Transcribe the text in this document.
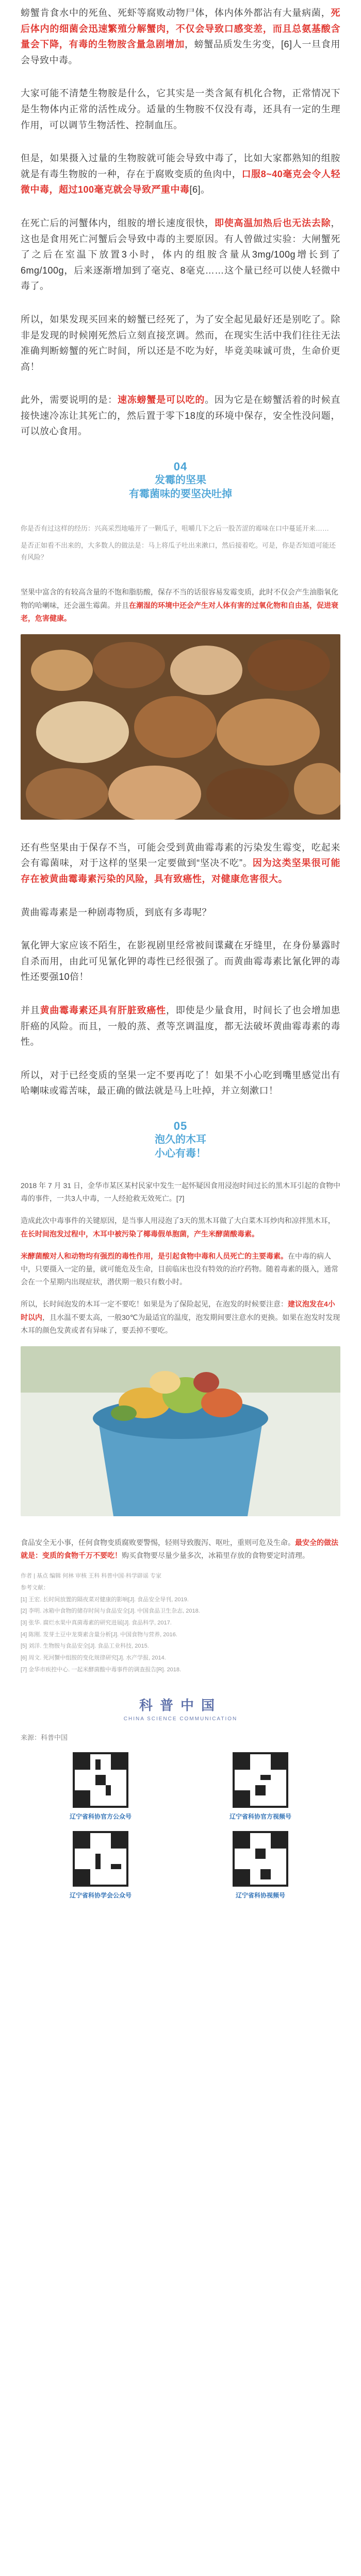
螃蟹肯食水中的死鱼、死虾等腐败动物尸体，体内体外都沾有大量病菌，死后体内的细菌会迅速繁殖分解蟹肉，不仅会导致口感变差，而且总氨基酸含量会下降，有毒的生物胺含量急剧增加，螃蟹品质发生劣变，[6]人一旦食用会导致中毒。

大家可能不清楚生物胺是什么，它其实是一类含氮有机化合物，正常情况下是生物体内正常的活性成分。适量的生物胺不仅没有毒，还具有一定的生理作用，可以调节生物活性、控制血压。

但是，如果摄入过量的生物胺就可能会导致中毒了，比如大家都熟知的组胺就是有毒生物胺的一种，存在于腐败变质的鱼肉中，口服8~40毫克会令人轻微中毒，超过100毫克就会导致严重中毒[6]。

在死亡后的河蟹体内，组胺的增长速度很快，即使高温加热后也无法去除，这也是食用死亡河蟹后会导致中毒的主要原因。有人曾做过实验：大闸蟹死了之后在室温下放置3小时，体内的组胺含量从3mg/100g增长到了6mg/100g，后来逐渐增加到了毫克、8毫克……这个量已经可以使人轻微中毒了。

所以，如果发现买回来的螃蟹已经死了，为了安全起见最好还是别吃了。除非是发现的时候刚死然后立刻直接烹调。然而，在现实生活中我们往往无法准确判断螃蟹的死亡时间，所以还是不吃为好，毕竟美味诚可贵，生命价更高！

此外，需要说明的是：速冻螃蟹是可以吃的。因为它是在螃蟹活着的时候直接快速冷冻让其死亡的，然后置于零下18度的环境中保存，安全性没问题，可以放心食用。

04
发霉的坚果
有霉菌味的要坚决吐掉

你是否有过这样的经历：兴高采烈地嗑开了一颗瓜子，咀嚼几下之后一股苦涩的霉味在口中蔓延开来……

是否正如看不出来的，大多数人的做法是：马上将瓜子吐出来漱口，然后接着吃。可是，你是否知道可能还有风险？

坚果中富含的有较高含量的不饱和脂肪酸，保存不当的话很容易发霉变质，此时不仅会产生油脂氧化物的哈喇味，还会滋生霉菌。并且在潮湿的环境中还会产生对人体有害的过氧化物和自由基，促进衰老，危害健康。

还有些坚果由于保存不当，可能会受到黄曲霉毒素的污染发生霉变，吃起来会有霉菌味，对于这样的坚果一定要做到“坚决不吃”。因为这类坚果很可能存在被黄曲霉毒素污染的风险，具有致癌性，对健康危害很大。

黄曲霉毒素是一种剧毒物质，到底有多毒呢？

氰化钾大家应该不陌生，在影视剧里经常被间谍藏在牙缝里，在身份暴露时自杀而用，由此可见氰化钾的毒性已经很强了。而黄曲霉毒素比氰化钾的毒性还要强10倍！

并且黄曲霉毒素还具有肝脏致癌性，即使是少量食用，时间长了也会增加患肝癌的风险。而且，一般的蒸、煮等烹调温度，都无法破坏黄曲霉毒素的毒性。

所以，对于已经变质的坚果一定不要再吃了！如果不小心吃到嘴里感觉出有哈喇味或霉苦味，最正确的做法就是马上吐掉，并立刻漱口！

05
泡久的木耳
小心有毒！

2018 年 7 月 31 日，金华市某区某村民家中发生一起怀疑因食用浸泡时间过长的黑木耳引起的食物中毒的事件，一共3人中毒，一人经抢救无效死亡。[7]

造成此次中毒事件的关键原因，是当事人用浸泡了3天的黑木耳做了大白菜木耳炒肉和凉拌黑木耳，在长时间泡发过程中，木耳中被污染了椰毒假单胞菌，产生米酵菌酸毒素。

米酵菌酸对人和动物均有强烈的毒性作用，是引起食物中毒和人员死亡的主要毒素。在中毒的病人中，只要摄入一定的量，就可能危及生命，目前临床也没有特效的治疗药物。随着毒素的摄入，通常会在一个星期内出现症状，潜伏期一般只有数小时。

所以，长时间泡发的木耳一定不要吃！如果是为了保险起见，在泡发的时候要注意：建议泡发在4小时以内，且水温不要太高，一般30℃为最适宜的温度，泡发期间要注意水的更换。如果在泡发时发现木耳的颜色发黄或者有异味了，要丢掉不要吃。

食品安全无小事，任何食物变质腐败要警惕，轻则导致腹泻、呕吐，重则可危及生命。最安全的做法就是：变质的食物千万不要吃！购买食物要尽量少量多次，冰箱里存放的食物要定时清理。

作者 | 基点 编辑 何林 审核 王科 科普中国·科学辟谣 专家

参考文献：

[1] 王宏. 长时间放置的隔夜菜对健康的影响[J]. 食品安全导刊, 2019.

[2] 李明. 冰箱中食物的储存时间与食品安全[J]. 中国食品卫生杂志, 2018.

[3] 张华. 腐烂水果中真菌毒素的研究进展[J]. 食品科学, 2017.

[4] 陈刚. 发芽土豆中龙葵素含量分析[J]. 中国食物与营养, 2016.

[5] 刘洋. 生物胺与食品安全[J]. 食品工业科技, 2015.

[6] 周文. 死河蟹中组胺的变化规律研究[J]. 水产学报, 2014.

[7] 金华市疾控中心. 一起米酵菌酸中毒事件的调查报告[R]. 2018.

科普中国
CHINA SCIENCE COMMUNICATION
来源：科普中国
辽宁省科协官方公众号	辽宁省科协官方视频号
辽宁省科协学会公众号	辽宁省科协视频号
